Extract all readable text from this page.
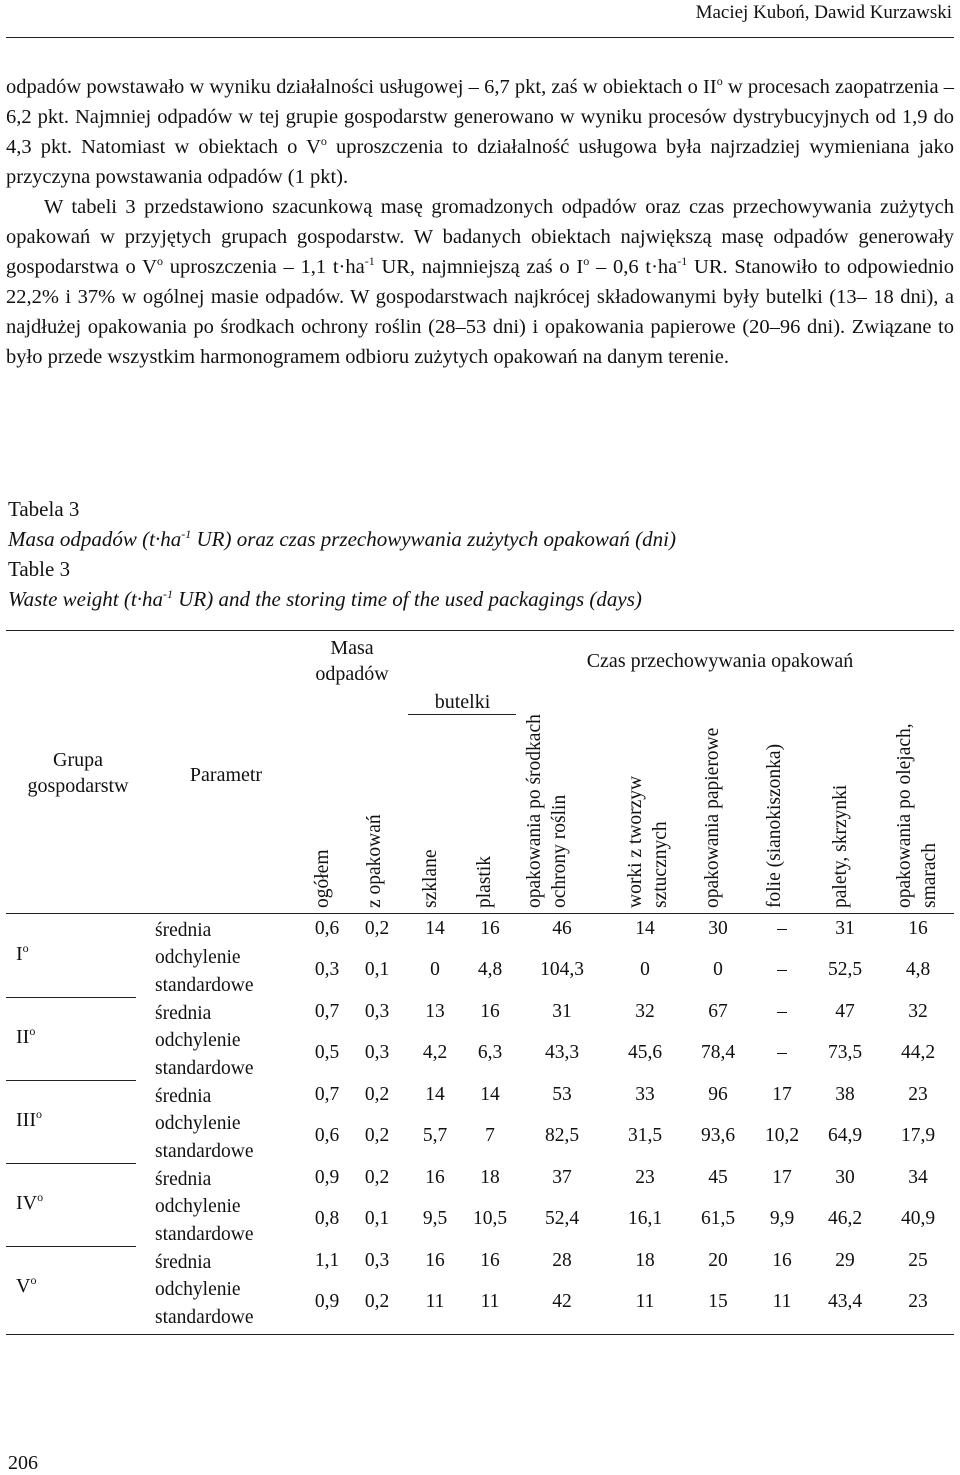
Maciej Kuboń, Dawid Kurzawski

odpadów powstawało w wyniku działalności usługowej – 6,7 pkt, zaś w obiektach o $II^o$ w procesach zaopatrzenia – 6,2 pkt. Najmniej odpadów w tej grupie gospodarstw generowano w wyniku procesów dystrybucyjnych od 1,9 do 4,3 pkt. Natomiast w obiektach o $V^o$ uproszczenia to działalność usługowa była najrzadziej wymieniana jako przyczyna powstawania odpadów (1 pkt).

W tabeli 3 przedstawiono szacunkową masę gromadzonych odpadów oraz czas przechowywania zużytych opakowań w przyjętych grupach gospodarstw. W badanych obiektach największą masę odpadów generowały gospodarstwa o $V^o$ uproszczenia – 1,1 $t\cdot ha^{-1}$ UR, najmniejszą zaś o $I^o - 0,6$ $t\cdot ha^{-1}$ UR. Stanowiło to odpowiednio 22,2% i 37% w ogólnej masie odpadów. W gospodarstwach najkrócej składowanymi były butelki (13– 18 dni), a najdłużej opakowania po środkach ochrony roślin (28–53 dni) i opakowania papierowe (20–96 dni). Związane to było przede wszystkim harmonogramem odbioru zużytych opakowań na danym terenie.

Tabela 3
Masa odpadów ($t\cdot ha^{-1}$ UR) oraz czas przechowywania zużytych opakowań (dni)
Table 3
Waste weight ($t\cdot ha^{-1}$ UR) and the storing time of the used packagings (days)
Grupa gospodarstw	Parametr
Masa odpadów
Czas przechowywania opakowań
butelki
ogółem	z opakowań	szklane	plastik	opakowania po środkach ochrony roślin	worki z tworzyw sztucznych	opakowania papierowe	folie (sianokiszonka)	palety, skrzynki	opakowania po olejach, smarach
$I^o$
średnia
odchylenie standardowe
0,6 0,2 14 16	46	14	30	– 31	16
0,3 0,1 0 4,8 104,3	0	0	– 52,5 4,8
$II^o$
średnia
odchylenie standardowe
0,7 0,3 13 16	31	32	67	– 47	32
0,5 0,3 4,2 6,3 43,3	45,6 78,4 – 73,5 44,2
III$^o$
średnia
odchylenie standardowe
0,7 0,2 14 14	53	33	96 17 38	23
0,6 0,2 5,7 7	82,5	31,5 93,6 10,2 64,9 17,9
$IV^o$
średnia
odchylenie standardowe
0,9 0,2 16 18	37	23	45 17 30	34
0,8 0,1 9,5 10,5 52,4	16,1 61,5 9,9 46,2 40,9
$V^o$
średnia
odchylenie standardowe
1,1 0,3 16 16	28	18	20 16 29	25
0,9 0,2 11 11	42	11	15 11 43,4 23
206
